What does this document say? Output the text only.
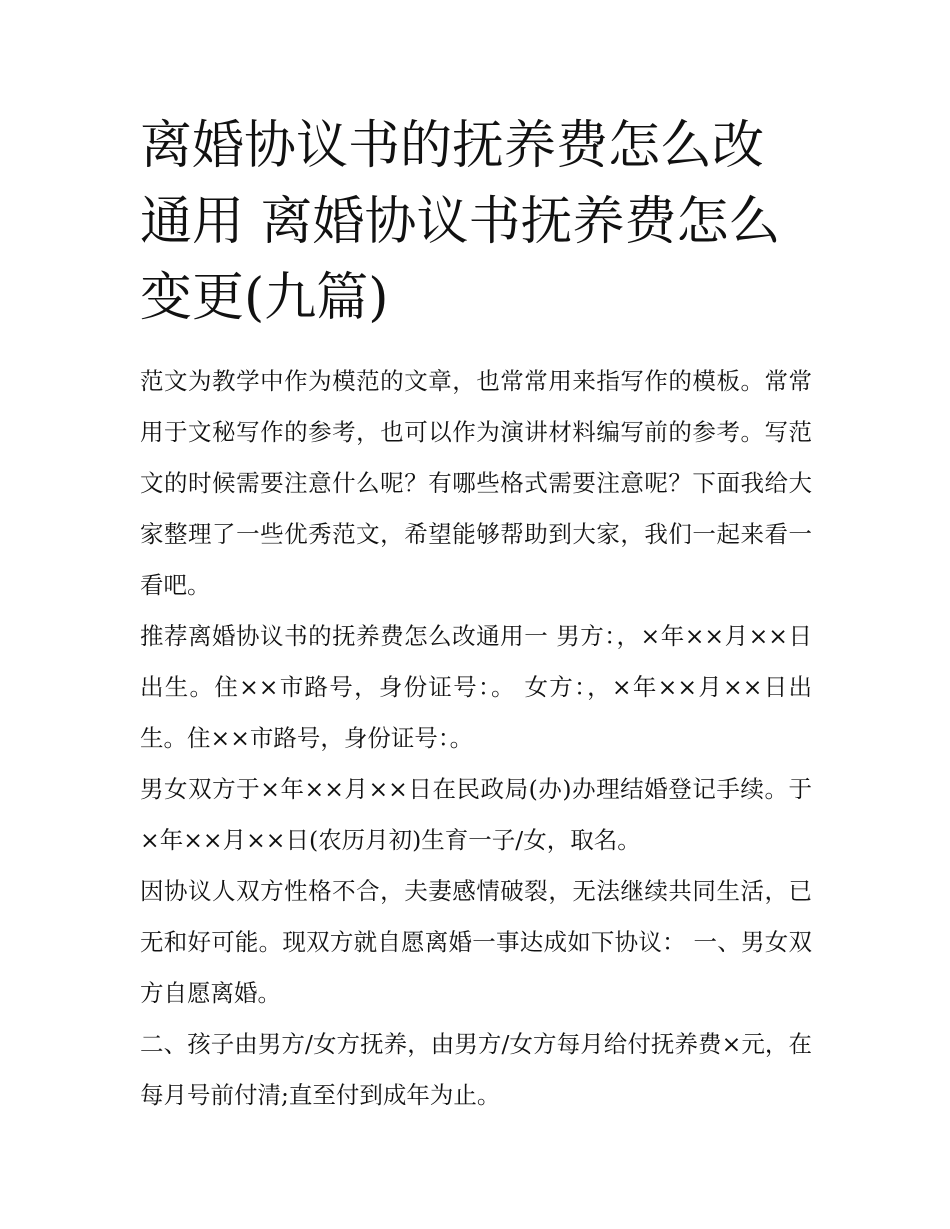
离婚协议书的抚养费怎么改通用 离婚协议书抚养费怎么变更(九篇)

范文为教学中作为模范的文章，也常常用来指写作的模板。常常用于文秘写作的参考，也可以作为演讲材料编写前的参考。写范文的时候需要注意什么呢？有哪些格式需要注意呢？下面我给大家整理了一些优秀范文，希望能够帮助到大家，我们一起来看一看吧。

推荐离婚协议书的抚养费怎么改通用一 男方：，×年××月××日出生。住××市路号，身份证号：。 女方：，×年××月××日出生。住××市路号，身份证号：。

男女双方于×年××月××日在民政局(办)办理结婚登记手续。于×年××月××日(农历月初)生育一子/女，取名。

因协议人双方性格不合，夫妻感情破裂，无法继续共同生活，已无和好可能。现双方就自愿离婚一事达成如下协议： 一、男女双方自愿离婚。

二、孩子由男方/女方抚养，由男方/女方每月给付抚养费×元，在每月号前付清;直至付到成年为止。
